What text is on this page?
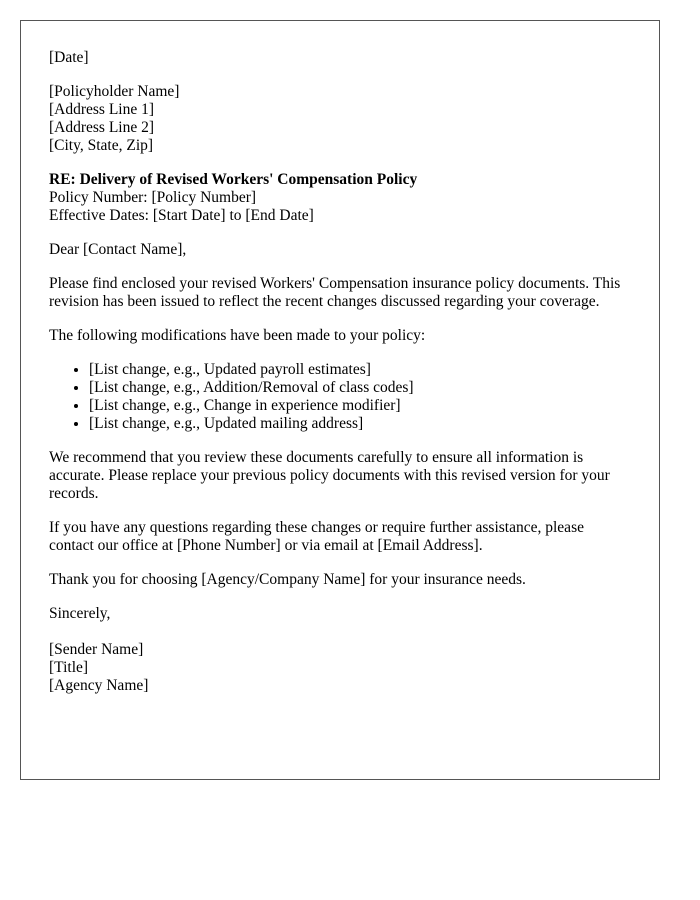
[Date]

[Policyholder Name]
[Address Line 1]
[Address Line 2]
[City, State, Zip]

RE: Delivery of Revised Workers' Compensation Policy
Policy Number: [Policy Number]
Effective Dates: [Start Date] to [End Date]

Dear [Contact Name],

Please find enclosed your revised Workers' Compensation insurance policy documents. This revision has been issued to reflect the recent changes discussed regarding your coverage.

The following modifications have been made to your policy:

• [List change, e.g., Updated payroll estimates]
• [List change, e.g., Addition/Removal of class codes]
• [List change, e.g., Change in experience modifier]
• [List change, e.g., Updated mailing address]

We recommend that you review these documents carefully to ensure all information is accurate. Please replace your previous policy documents with this revised version for your records.

If you have any questions regarding these changes or require further assistance, please contact our office at [Phone Number] or via email at [Email Address].

Thank you for choosing [Agency/Company Name] for your insurance needs.

Sincerely,

[Sender Name]
[Title]
[Agency Name]
